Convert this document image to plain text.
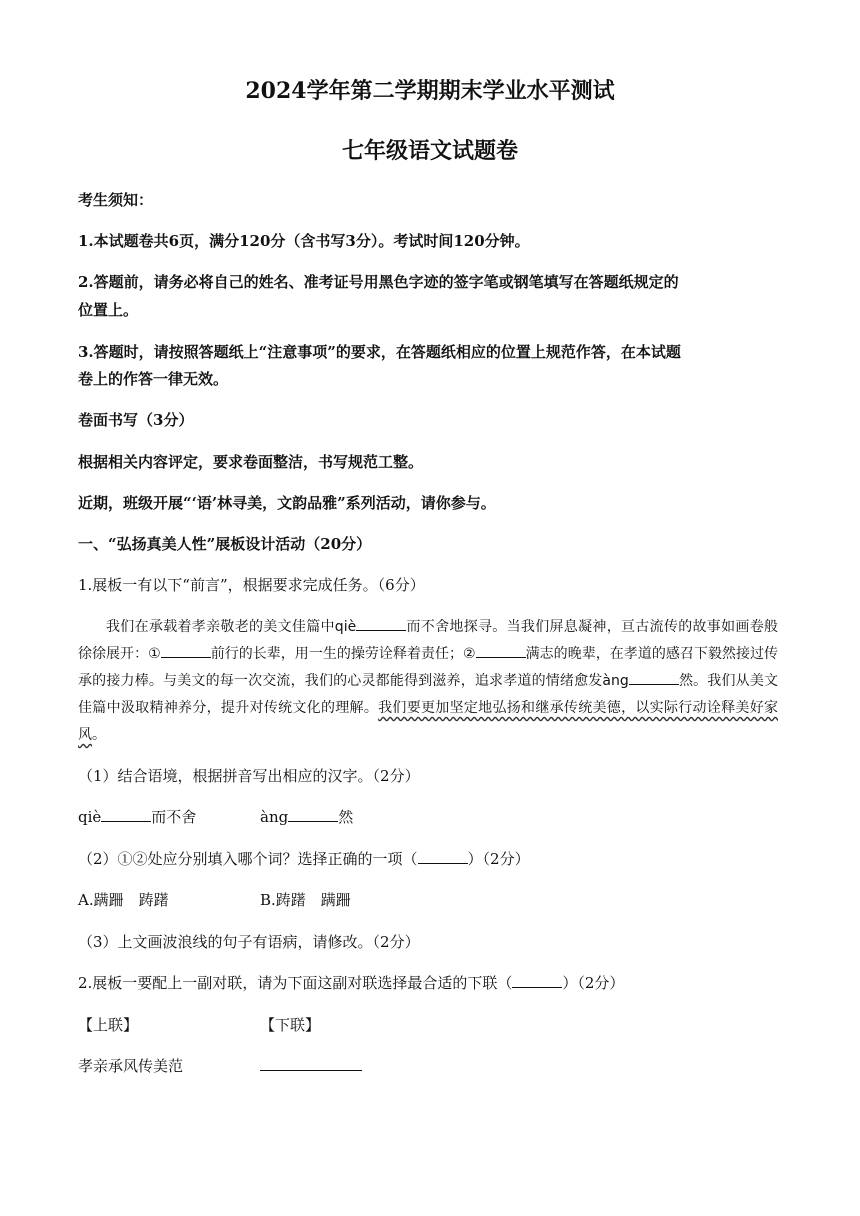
2024学年第二学期期末学业水平测试
七年级语文试题卷
考生须知：
1.本试题卷共6页，满分120分（含书写3分）。考试时间120分钟。
2.答题前，请务必将自己的姓名、准考证号用黑色字迹的签字笔或钢笔填写在答题纸规定的
位置上。
3.答题时，请按照答题纸上“注意事项”的要求，在答题纸相应的位置上规范作答，在本试题
卷上的作答一律无效。
卷面书写（3分）
根据相关内容评定，要求卷面整洁，书写规范工整。
近期，班级开展“‘语’林寻美，文韵品雅”系列活动，请你参与。
一、“弘扬真美人性”展板设计活动（20分）
1.展板一有以下“前言”，根据要求完成任务。（6分）
我们在承载着孝亲敬老的美文佳篇中qiè	而不舍地探寻。当我们屏息凝神，亘古流传的故事如画卷般徐徐展开：①	前行的长辈，用一生的操劳诠释着责任；②	满志的晚辈，在孝道的感召下毅然接过传承的接力棒。与美文的每一次交流，我们的心灵都能得到滋养，追求孝道的情绪愈发àng	然。我们从美文佳篇中汲取精神养分，提升对传统文化的理解。我们要更加坚定地弘扬和继承传统美德，以实际行动诠释美好家风。
（1）结合语境，根据拼音写出相应的汉字。（2分）
qiè	而不舍	àng	然
（2）①②处应分别填入哪个词？选择正确的一项（	）（2分）
A.蹒跚　踌躇	B.踌躇　蹒跚
（3）上文画波浪线的句子有语病，请修改。（2分）
2.展板一要配上一副对联，请为下面这副对联选择最合适的下联（	）（2分）
【上联】	【下联】
孝亲承风传美范
